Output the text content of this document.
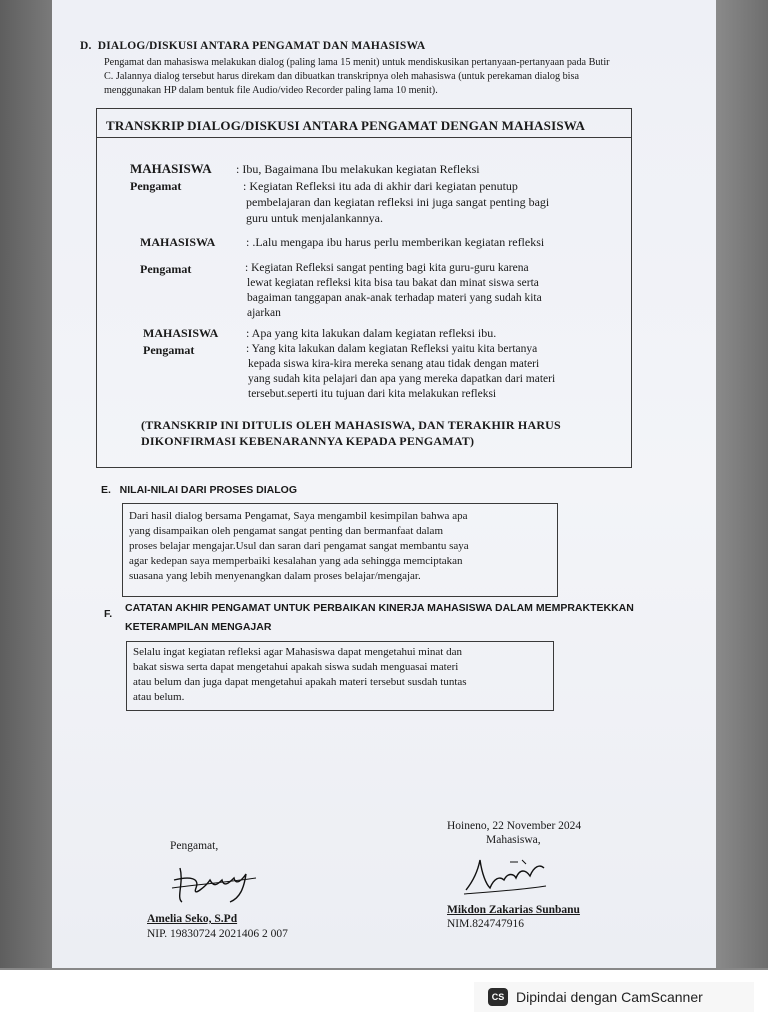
D.  DIALOG/DISKUSI ANTARA PENGAMAT DAN MAHASISWA
Pengamat dan mahasiswa melakukan dialog (paling lama 15 menit) untuk mendiskusikan pertanyaan-pertanyaan pada Butir
C. Jalannya dialog tersebut harus direkam dan dibuatkan transkripnya oleh mahasiswa (untuk perekaman dialog bisa
menggunakan HP dalam bentuk file Audio/video Recorder paling lama 10 menit).
TRANSKRIP DIALOG/DISKUSI ANTARA PENGAMAT DENGAN MAHASISWA
MAHASISWA : Ibu, Bagaimana Ibu melakukan kegiatan Refleksi
Pengamat	: Kegiatan Refleksi itu ada di akhir dari kegiatan penutup
pembelajaran dan kegiatan refleksi ini juga sangat penting bagi
guru untuk menjalankannya.
MAHASISWA	: .Lalu mengapa ibu harus perlu memberikan kegiatan refleksi
Pengamat	: Kegiatan Refleksi sangat penting bagi kita guru-guru karena
lewat kegiatan refleksi kita bisa tau bakat dan minat siswa serta
bagaiman tanggapan anak-anak terhadap materi yang sudah kita
ajarkan
MAHASISWA : Apa yang kita lakukan dalam kegiatan refleksi ibu.
Pengamat	: Yang kita lakukan dalam kegiatan Refleksi yaitu kita bertanya
kepada siswa kira-kira mereka senang atau tidak dengan materi
yang sudah kita pelajari dan apa yang mereka dapatkan dari materi
tersebut.seperti itu tujuan dari kita melakukan refleksi
(TRANSKRIP INI DITULIS OLEH MAHASISWA, DAN TERAKHIR HARUS
DIKONFIRMASI KEBENARANNYA KEPADA PENGAMAT)
E.   NILAI-NILAI DARI PROSES DIALOG
Dari hasil dialog bersama Pengamat, Saya mengambil kesimpilan bahwa apa
yang disampaikan oleh pengamat sangat penting dan bermanfaat dalam
proses belajar mengajar.Usul dan saran dari pengamat sangat membantu saya
agar kedepan saya memperbaiki kesalahan yang ada sehingga memciptakan
suasana yang lebih menyenangkan dalam proses belajar/mengajar.
F. CATATAN AKHIR PENGAMAT UNTUK PERBAIKAN KINERJA MAHASISWA DALAM MEMPRAKTEKKAN
KETERAMPILAN MENGAJAR
Selalu ingat kegiatan refleksi agar Mahasiswa dapat mengetahui minat dan
bakat siswa serta dapat mengetahui apakah siswa sudah menguasai materi
atau belum dan juga dapat mengetahui apakah materi tersebut susdah tuntas
atau belum.
Hoineno, 22 November 2024
Mahasiswa,
Pengamat,
Amelia Seko, S.Pd
NIP. 19830724 2021406 2 007
Mikdon Zakarias Sunbanu
NIM.824747916
CS Dipindai dengan CamScanner
